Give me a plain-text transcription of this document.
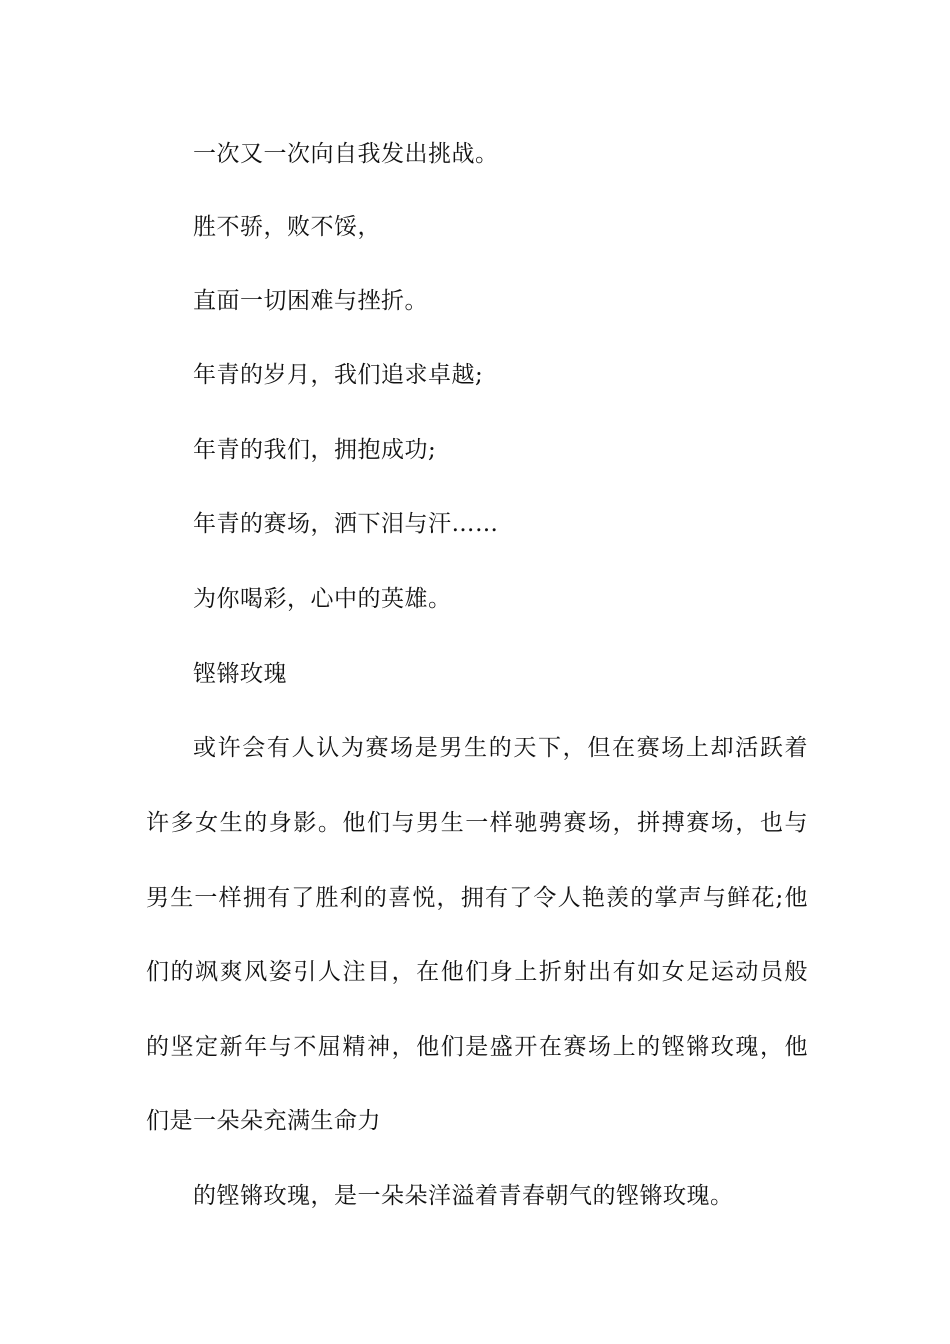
一次又一次向自我发出挑战。
胜不骄，败不馁，
直面一切困难与挫折。
年青的岁月，我们追求卓越;
年青的我们，拥抱成功;
年青的赛场，洒下泪与汗……
为你喝彩，心中的英雄。
铿锵玫瑰
或许会有人认为赛场是男生的天下，但在赛场上却活跃着
许多女生的身影。他们与男生一样驰骋赛场，拼搏赛场，也与
男生一样拥有了胜利的喜悦，拥有了令人艳羡的掌声与鲜花;他
们的飒爽风姿引人注目，在他们身上折射出有如女足运动员般
的坚定新年与不屈精神，他们是盛开在赛场上的铿锵玫瑰，他
们是一朵朵充满生命力
的铿锵玫瑰，是一朵朵洋溢着青春朝气的铿锵玫瑰。
